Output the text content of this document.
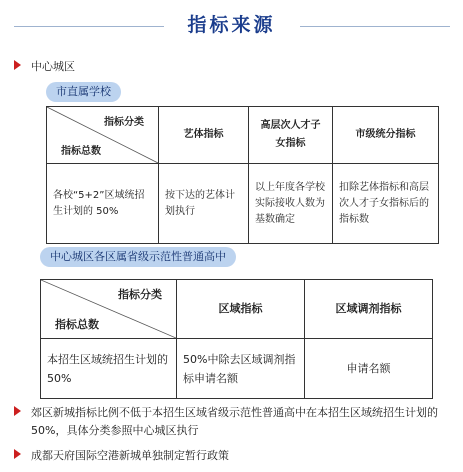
指标来源
中心城区
市直属学校
指标分类
指标总数	艺体指标	高层次人才子女指标	市级统分指标
各校“5+2”区域统招生计划的 50%	按下达的艺体计划执行	以上年度各学校实际接收人数为基数确定	扣除艺体指标和高层次人才子女指标后的指标数
中心城区各区属省级示范性普通高中
指标分类
指标总数	区域指标	区域调剂指标
本招生区域统招生计划的 50%	50%中除去区域调剂指标申请名额	申请名额
郊区新城指标比例不低于本招生区域省级示范性普通高中在本招生区域统招生计划的50%，具体分类参照中心城区执行
成都天府国际空港新城单独制定暂行政策
